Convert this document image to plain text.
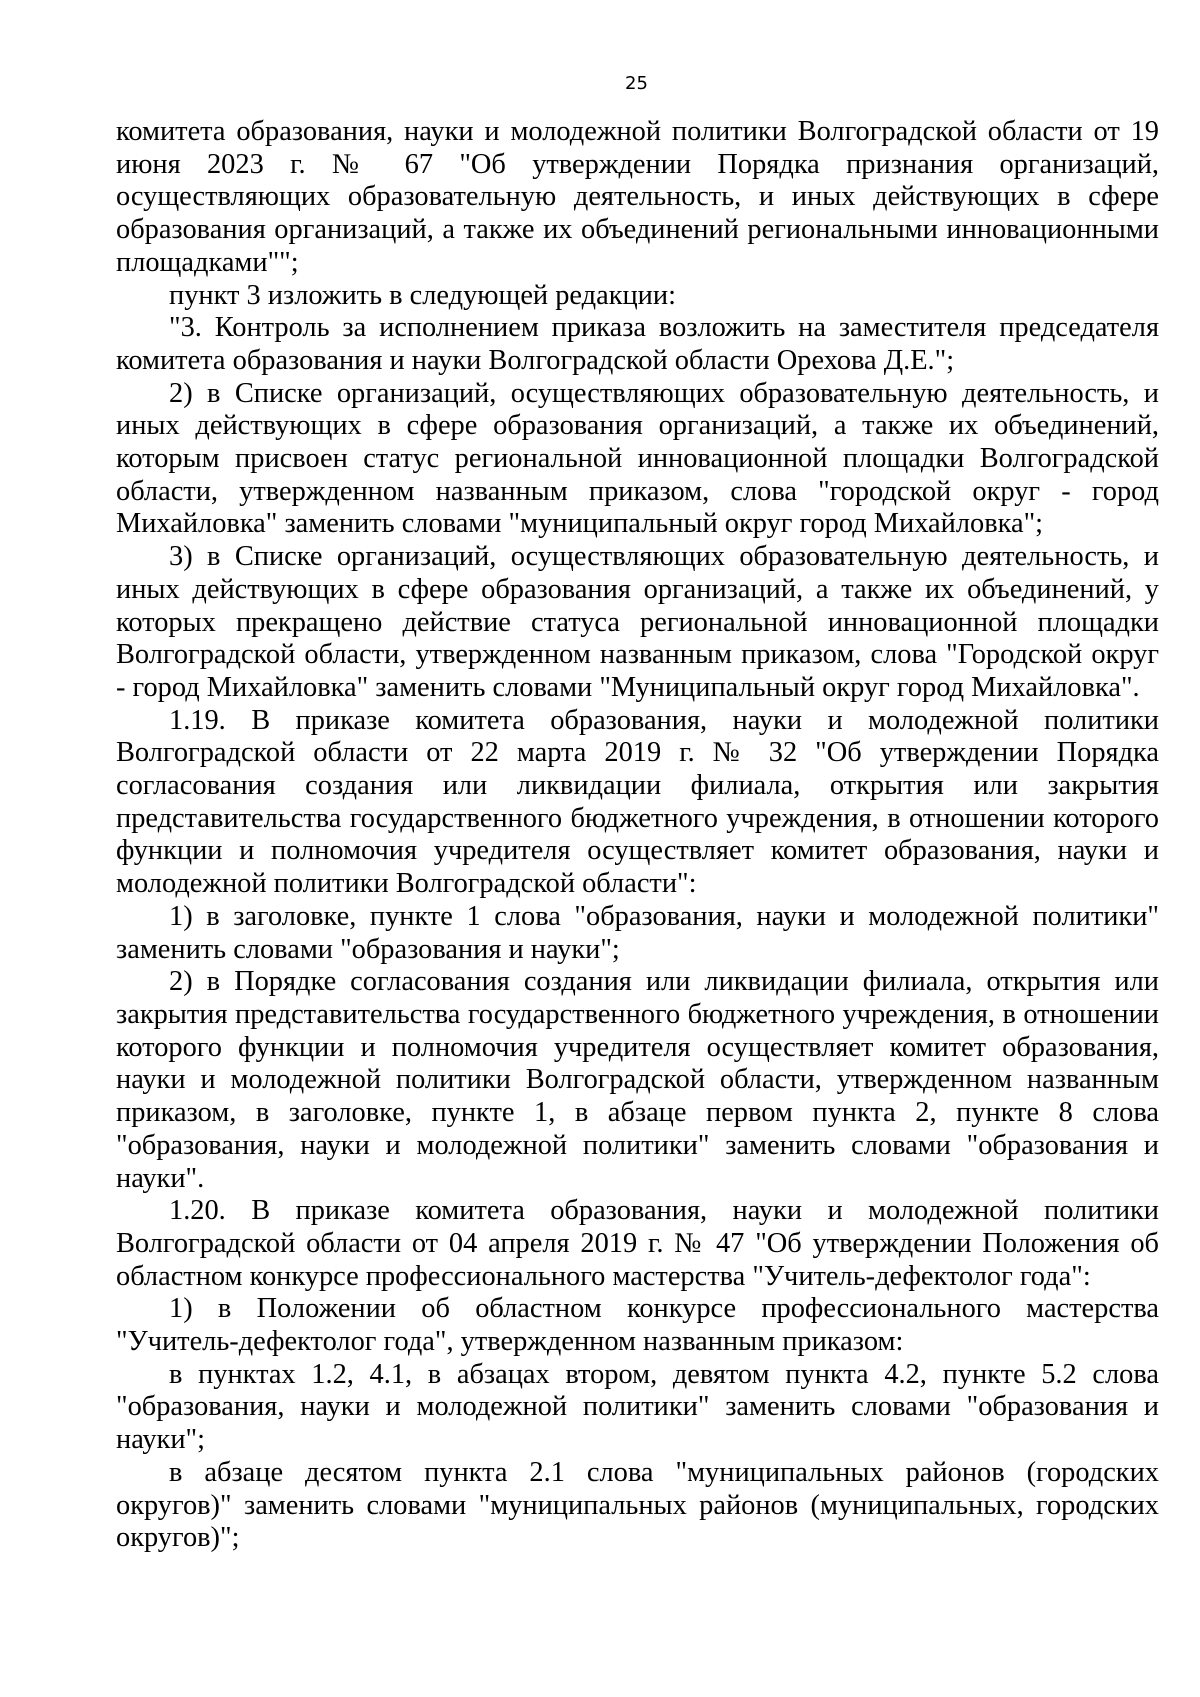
25

комитета образования, науки и молодежной политики Волгоградской области от 19 июня 2023 г. № 67 "Об утверждении Порядка признания организаций, осуществляющих образовательную деятельность, и иных действующих в сфере образования организаций, а также их объединений региональными инновационными площадками"";

пункт 3 изложить в следующей редакции:

"3. Контроль за исполнением приказа возложить на заместителя председателя комитета образования и науки Волгоградской области Орехова Д.Е.";

2) в Списке организаций, осуществляющих образовательную деятельность, и иных действующих в сфере образования организаций, а также их объединений, которым присвоен статус региональной инновационной площадки Волгоградской области, утвержденном названным приказом, слова "городской округ - город Михайловка" заменить словами "муниципальный округ город Михайловка";

3) в Списке организаций, осуществляющих образовательную деятельность, и иных действующих в сфере образования организаций, а также их объединений, у которых прекращено действие статуса региональной инновационной площадки Волгоградской области, утвержденном названным приказом, слова "Городской округ - город Михайловка" заменить словами "Муниципальный округ город Михайловка".

1.19. В приказе комитета образования, науки и молодежной политики Волгоградской области от 22 марта 2019 г. № 32 "Об утверждении Порядка согласования создания или ликвидации филиала, открытия или закрытия представительства государственного бюджетного учреждения, в отношении которого функции и полномочия учредителя осуществляет комитет образования, науки и молодежной политики Волгоградской области":

1) в заголовке, пункте 1 слова "образования, науки и молодежной политики" заменить словами "образования и науки";

2) в Порядке согласования создания или ликвидации филиала, открытия или закрытия представительства государственного бюджетного учреждения, в отношении которого функции и полномочия учредителя осуществляет комитет образования, науки и молодежной политики Волгоградской области, утвержденном названным приказом, в заголовке, пункте 1, в абзаце первом пункта 2, пункте 8 слова "образования, науки и молодежной политики" заменить словами "образования и науки".

1.20. В приказе комитета образования, науки и молодежной политики Волгоградской области от 04 апреля 2019 г. № 47 "Об утверждении Положения об областном конкурсе профессионального мастерства "Учитель-дефектолог года":

1) в Положении об областном конкурсе профессионального мастерства "Учитель-дефектолог года", утвержденном названным приказом:

в пунктах 1.2, 4.1, в абзацах втором, девятом пункта 4.2, пункте 5.2 слова "образования, науки и молодежной политики" заменить словами "образования и науки";

в абзаце десятом пункта 2.1 слова "муниципальных районов (городских округов)" заменить словами "муниципальных районов (муниципальных, городских округов)";
